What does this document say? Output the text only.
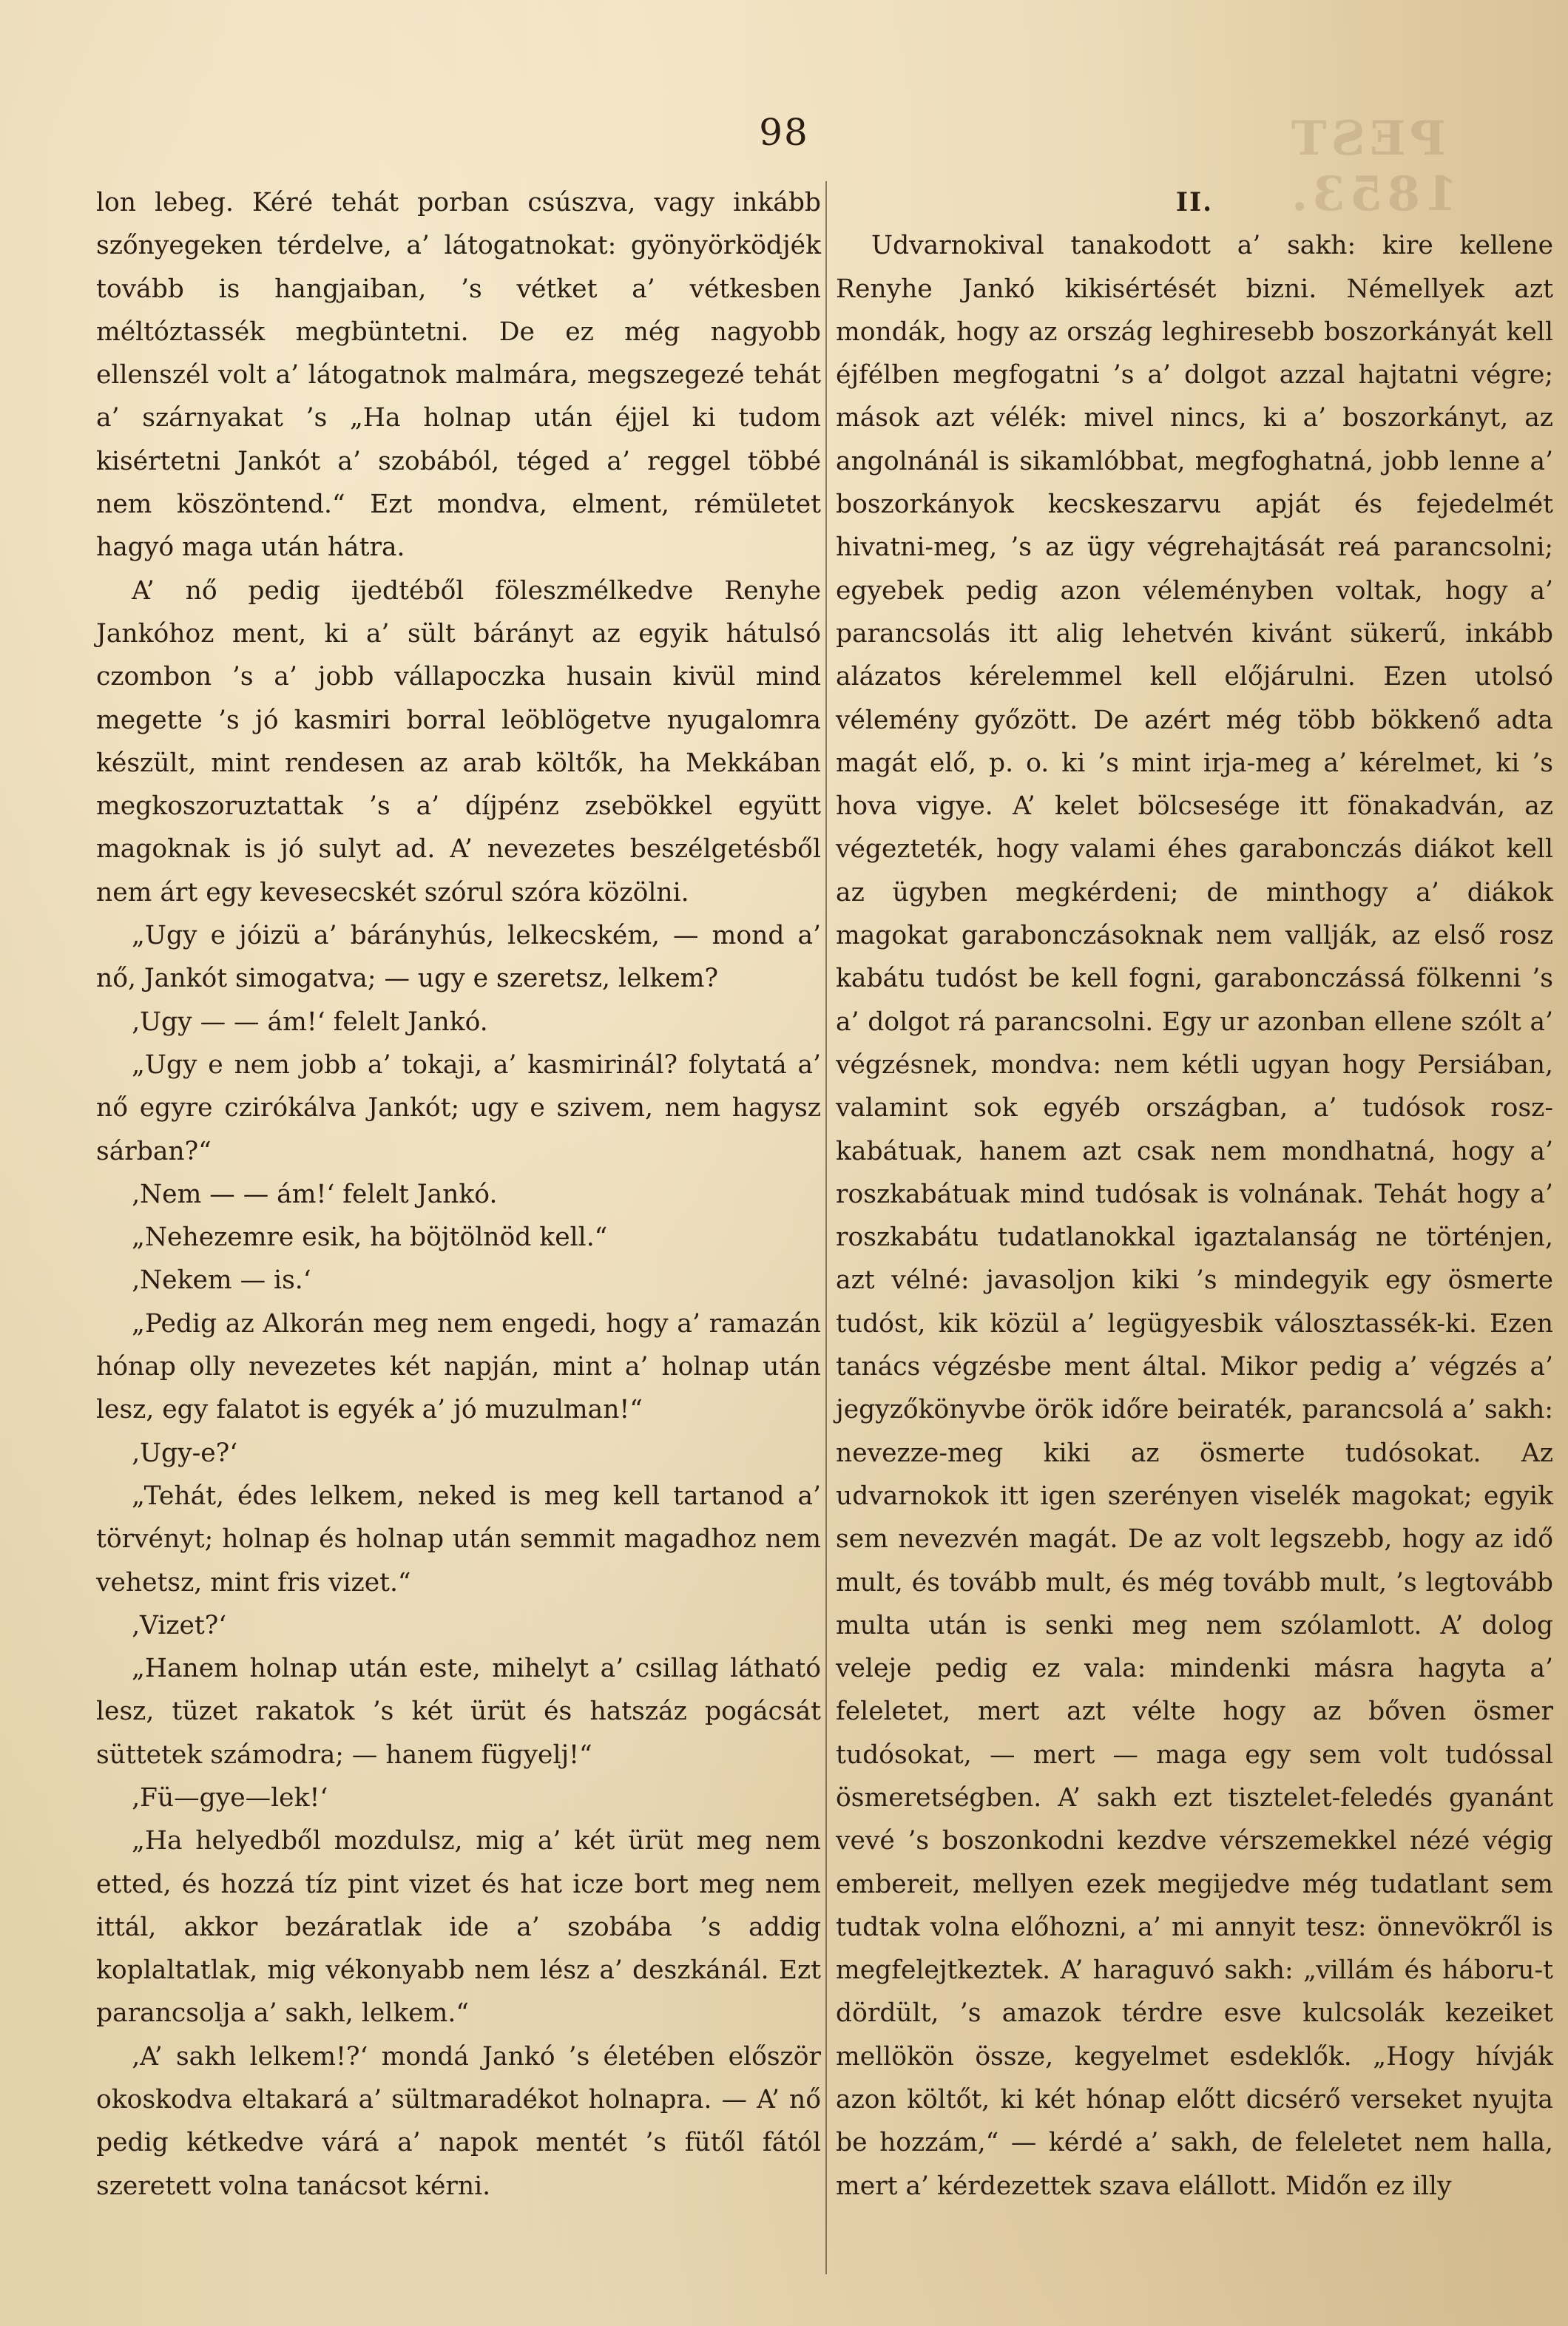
PEST 1853.
98

lon lebeg. Kéré tehát porban csúszva, vagy inkább szőnyegeken térdelve, a’ látogatnokat: gyönyörködjék tovább is hangjaiban, ’s vétket a’ vétkesben méltóztassék megbüntetni. De ez még nagyobb ellenszél volt a’ látogatnok malmára, megszegezé tehát a’ szárnyakat ’s „Ha holnap után éjjel ki tudom kisértetni Jankót a’ szobából, téged a’ reggel többé nem köszöntend.“ Ezt mondva, elment, rémületet hagyó maga után hátra.

A’ nő pedig ijedtéből föleszmélkedve Renyhe Jankóhoz ment, ki a’ sült bárányt az egyik hátulsó czombon ’s a’ jobb vállapoczka husain kivül mind megette ’s jó kasmiri borral leöblögetve nyugalomra készült, mint rendesen az arab költők, ha Mekkában megkoszoruztattak ’s a’ díjpénz zsebökkel együtt magoknak is jó sulyt ad. A’ nevezetes beszélgetésből nem árt egy kevesecskét szórul szóra közölni.

„Ugy e jóizü a’ bárányhús, lelkecském, — mond a’ nő, Jankót simogatva; — ugy e szeretsz, lelkem?

‚Ugy — — ám!‘ felelt Jankó.

„Ugy e nem jobb a’ tokaji, a’ kasmirinál? folytatá a’ nő egyre czirókálva Jankót; ugy e szivem, nem hagysz sárban?“

‚Nem — — ám!‘ felelt Jankó.

„Nehezemre esik, ha böjtölnöd kell.“

‚Nekem — is.‘

„Pedig az Alkorán meg nem engedi, hogy a’ ramazán hónap olly nevezetes két napján, mint a’ holnap után lesz, egy falatot is egyék a’ jó muzulman!“

‚Ugy-e?‘

„Tehát, édes lelkem, neked is meg kell tartanod a’ törvényt; holnap és holnap után semmit magadhoz nem vehetsz, mint fris vizet.“

‚Vizet?‘

„Hanem holnap után este, mihelyt a’ csillag látható lesz, tüzet rakatok ’s két ürüt és hatszáz pogácsát süttetek számodra; — hanem fügyelj!“

‚Fü—gye—lek!‘

„Ha helyedből mozdulsz, mig a’ két ürüt meg nem etted, és hozzá tíz pint vizet és hat icze bort meg nem ittál, akkor bezáratlak ide a’ szobába ’s addig koplaltatlak, mig vékonyabb nem lész a’ deszkánál. Ezt parancsolja a’ sakh, lelkem.“

‚A’ sakh lelkem!?‘ mondá Jankó ’s életében először okoskodva eltakará a’ sültmaradékot holnapra. — A’ nő pedig kétkedve várá a’ napok mentét ’s fütől fától szeretett volna tanácsot kérni.

II.

Udvarnokival tanakodott a’ sakh: kire kellene Renyhe Jankó kikisértését bizni. Némellyek azt mondák, hogy az ország leghiresebb boszorkányát kell éjfélben megfogatni ’s a’ dolgot azzal hajtatni végre; mások azt vélék: mivel nincs, ki a’ boszorkányt, az angolnánál is sikamlóbbat, megfoghatná, jobb lenne a’ boszorkányok kecskeszarvu apját és fejedelmét hivatni-meg, ’s az ügy végrehajtását reá parancsolni; egyebek pedig azon véleményben voltak, hogy a’ parancsolás itt alig lehetvén kivánt sükerű, inkább alázatos kérelemmel kell előjárulni. Ezen utolsó vélemény győzött. De azért még több bökkenő adta magát elő, p. o. ki ’s mint irja-meg a’ kérelmet, ki ’s hova vigye. A’ kelet bölcsesége itt fönakadván, az végezteték, hogy valami éhes garabonczás diákot kell az ügyben megkérdeni; de minthogy a’ diákok magokat garabonczásoknak nem vallják, az első rosz kabátu tudóst be kell fogni, garaboncz​ássá fölkenni ’s a’ dolgot rá parancsolni. Egy ur azonban ellene szólt a’ végzésnek, mondva: nem kétli ugyan hogy Persiában, valamint sok egyéb országban, a’ tudósok rosz-kabátuak, hanem azt csak nem mondhatná, hogy a’ roszkabátuak mind tudósak is volnának. Tehát hogy a’ roszkabátu tudatlanokkal igaztalanság ne történjen, azt vélné: javasoljon kiki ’s mindegyik egy ösmerte tudóst, kik közül a’ legügyesbik válosztassék-ki. Ezen tanács végzésbe ment által. Mikor pedig a’ végzés a’ jegyzőkönyvbe örök időre beiraték, parancsolá a’ sakh: nevezze-meg kiki az ösmerte tudósokat. Az udvarnokok itt igen szerényen viselék magokat; egyik sem nevezvén magát. De az volt legszebb, hogy az idő mult, és tovább mult, és még tovább mult, ’s legtovább multa után is senki meg nem szólamlott. A’ dolog veleje pedig ez vala: mindenki másra hagyta a’ feleletet, mert azt vélte hogy az bőven ösmer tudósokat, — mert — maga egy sem volt tudóssal ösmeretségben. A’ sakh ezt tisztelet-feledés gyanánt vevé ’s boszonkodni kezdve vérszemekkel nézé végig embereit, mellyen ezek megijedve még tudatlant sem tudtak volna előhozni, a’ mi annyit tesz: önnevökről is megfelejtkeztek. A’ haraguvó sakh: „villám és háboru-t dördült, ’s amazok térdre esve kulcsolák kezeiket mellökön össze, kegyelmet esdeklők. „Hogy hívják azon költőt, ki két hónap előtt dicsérő verseket nyujta be hozzám,“ — kérdé a’ sakh, de feleletet nem halla, mert a’ kérdezettek szava elállott. Midőn ez illy
